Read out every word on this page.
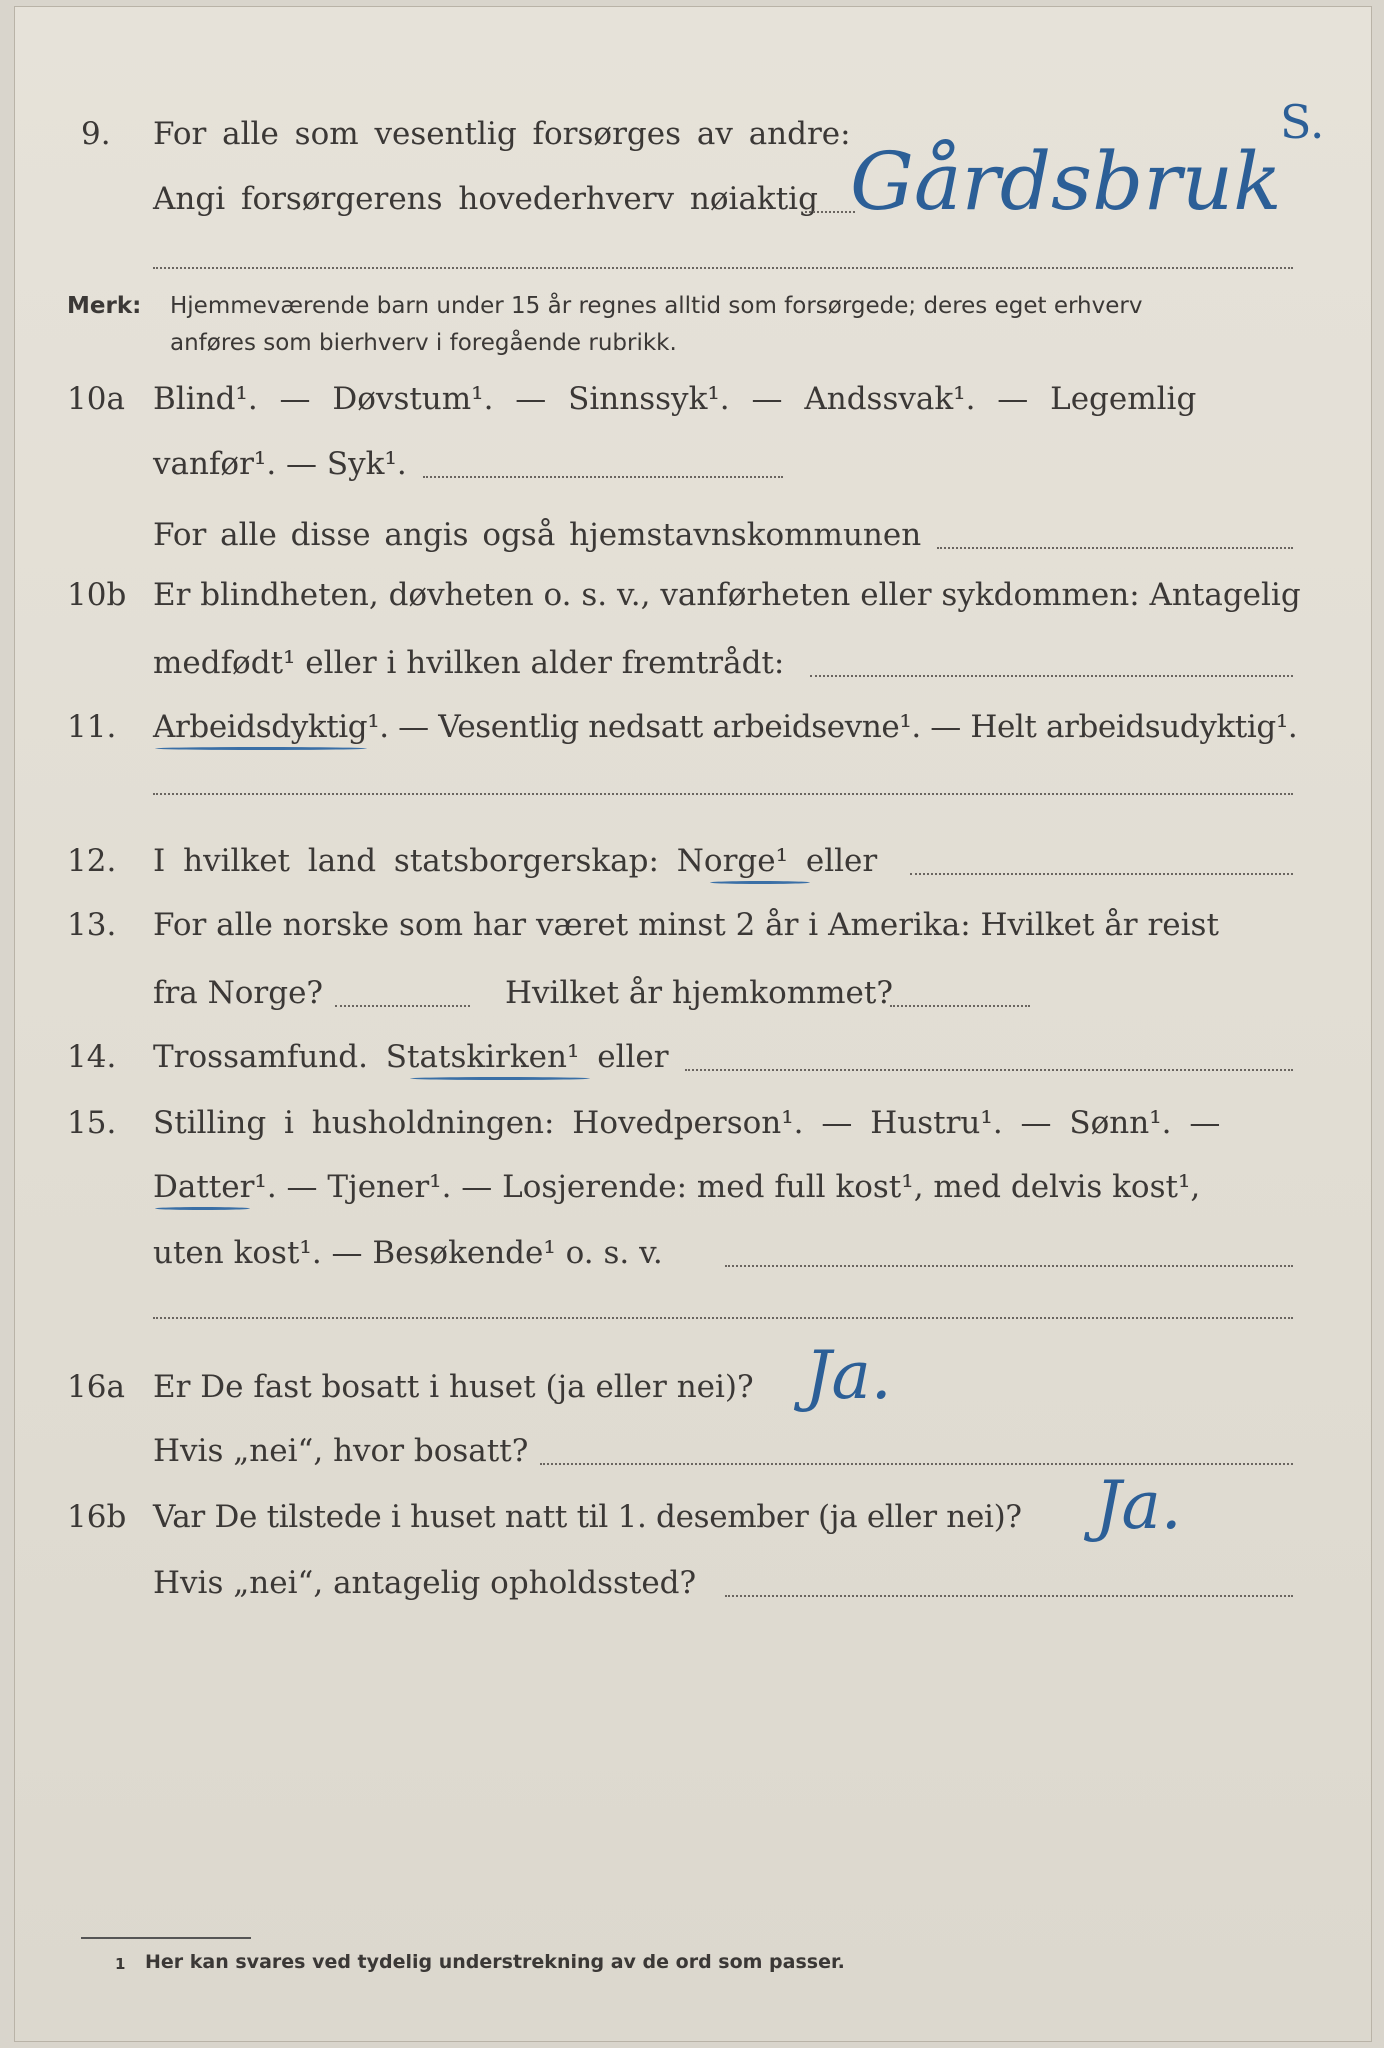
S.
9. For alle som vesentlig forsørges av andre:
Angi forsørgerens hovederhverv nøiaktig Gårdsbruk
Merk: Hjemmeværende barn under 15 år regnes alltid som forsørgede; deres eget erhverv
anføres som bierhverv i foregående rubrikk.
10a Blind¹. — Døvstum¹. — Sinnssyk¹. — Andssvak¹. — Legemlig
vanfør¹. — Syk¹.
For alle disse angis også hjemstavnskommunen
10b Er blindheten, døvheten o. s. v., vanførheten eller sykdommen: Antagelig
medfødt¹ eller i hvilken alder fremtrådt:
11. Arbeidsdyktig¹. — Vesentlig nedsatt arbeidsevne¹. — Helt arbeidsudyktig¹.
12. I hvilket land statsborgerskap: Norge¹ eller
13. For alle norske som har været minst 2 år i Amerika: Hvilket år reist
fra Norge?	Hvilket år hjemkommet?
14. Trossamfund. Statskirken¹ eller
15. Stilling i husholdningen: Hovedperson¹. — Hustru¹. — Sønn¹. —
Datter¹. — Tjener¹. — Losjerende: med full kost¹, med delvis kost¹,
uten kost¹. — Besøkende¹ o. s. v.
16a Er De fast bosatt i huset (ja eller nei)? Ja.
Hvis „nei“, hvor bosatt?
16b Var De tilstede i huset natt til 1. desember (ja eller nei)? Ja.
Hvis „nei“, antagelig opholdssted?
1 Her kan svares ved tydelig understrekning av de ord som passer.
